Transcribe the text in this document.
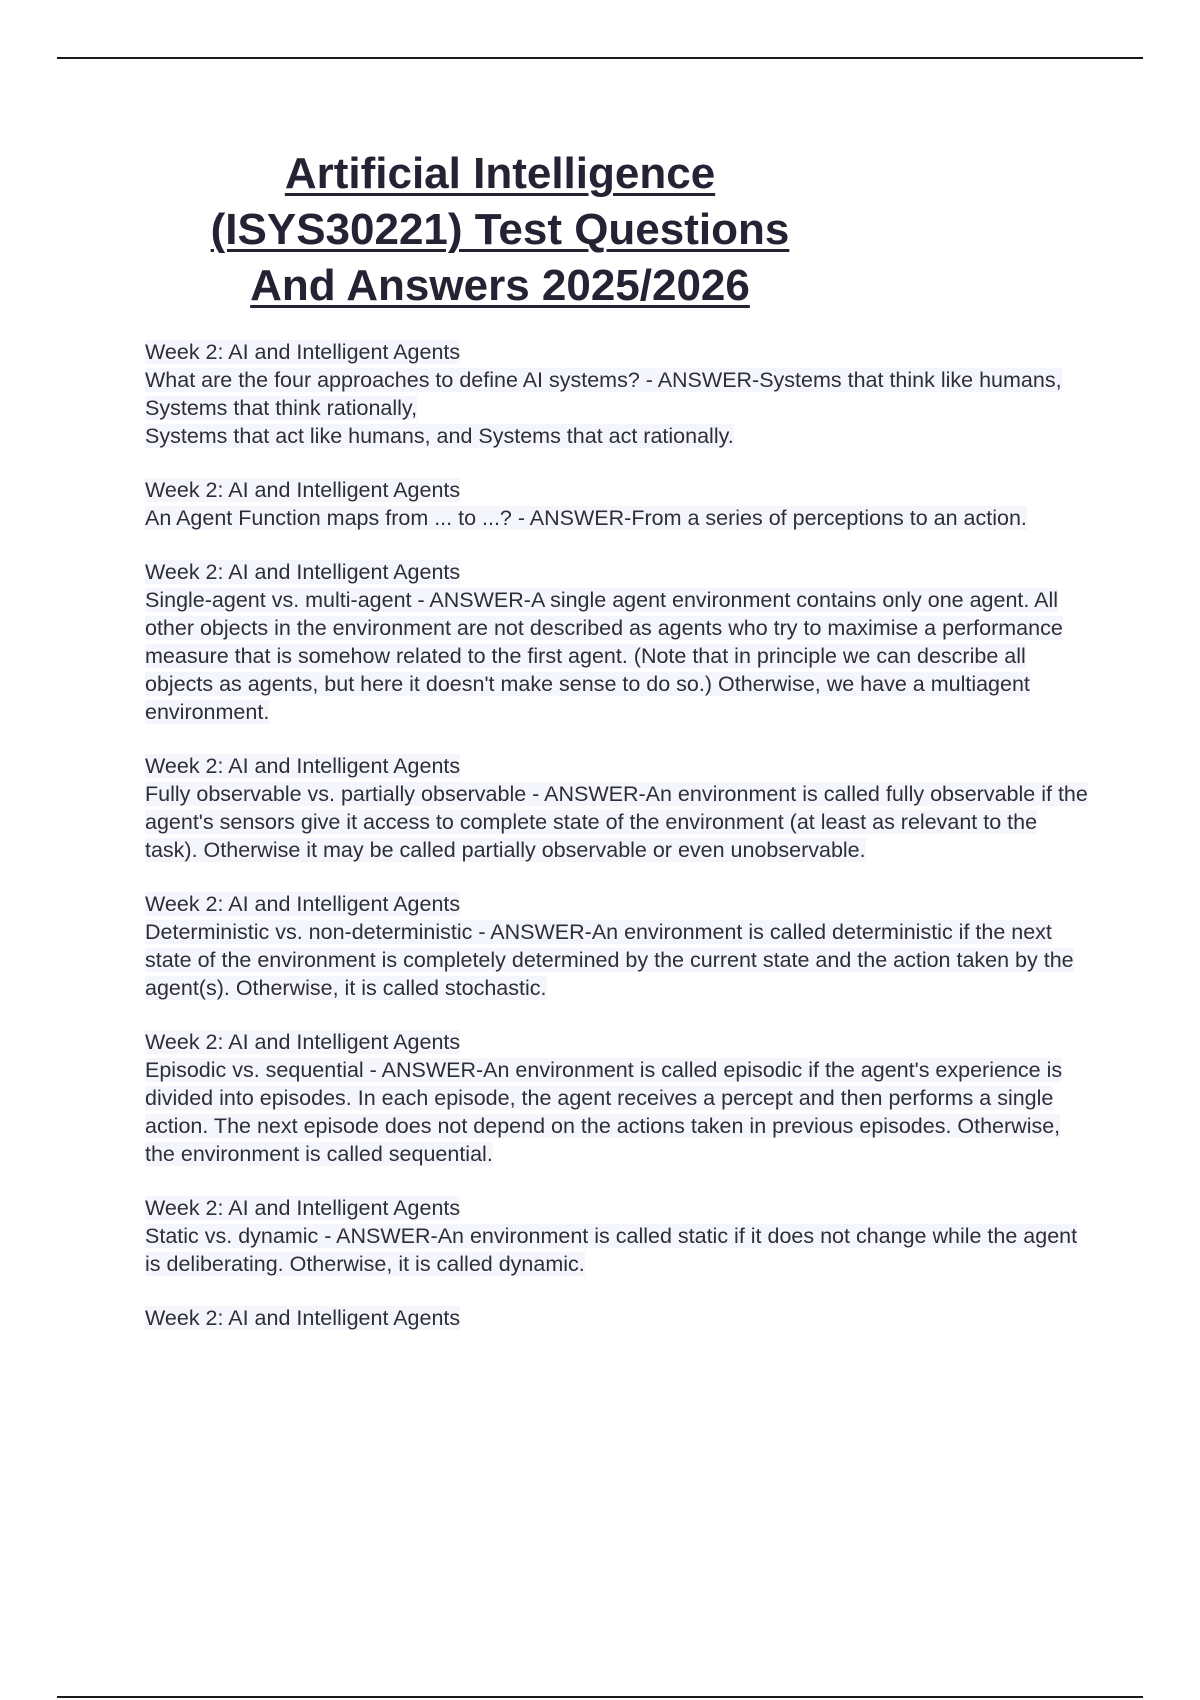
Artificial Intelligence
(ISYS30221) Test Questions
And Answers 2025/2026
Week 2: AI and Intelligent Agents
What are the four approaches to define AI systems? - ANSWER-Systems that think like humans, Systems that think rationally,
Systems that act like humans, and Systems that act rationally.
Week 2: AI and Intelligent Agents
An Agent Function maps from ... to ...? - ANSWER-From a series of perceptions to an action.
Week 2: AI and Intelligent Agents
Single-agent vs. multi-agent - ANSWER-A single agent environment contains only one agent. All other objects in the environment are not described as agents who try to maximise a performance measure that is somehow related to the first agent. (Note that in principle we can describe all objects as agents, but here it doesn't make sense to do so.) Otherwise, we have a multiagent environment.
Week 2: AI and Intelligent Agents
Fully observable vs. partially observable - ANSWER-An environment is called fully observable if the agent's sensors give it access to complete state of the environment (at least as relevant to the task). Otherwise it may be called partially observable or even unobservable.
Week 2: AI and Intelligent Agents
Deterministic vs. non-deterministic - ANSWER-An environment is called deterministic if the next state of the environment is completely determined by the current state and the action taken by the agent(s). Otherwise, it is called stochastic.
Week 2: AI and Intelligent Agents
Episodic vs. sequential - ANSWER-An environment is called episodic if the agent's experience is divided into episodes. In each episode, the agent receives a percept and then performs a single action. The next episode does not depend on the actions taken in previous episodes. Otherwise, the environment is called sequential.
Week 2: AI and Intelligent Agents
Static vs. dynamic - ANSWER-An environment is called static if it does not change while the agent is deliberating. Otherwise, it is called dynamic.
Week 2: AI and Intelligent Agents
